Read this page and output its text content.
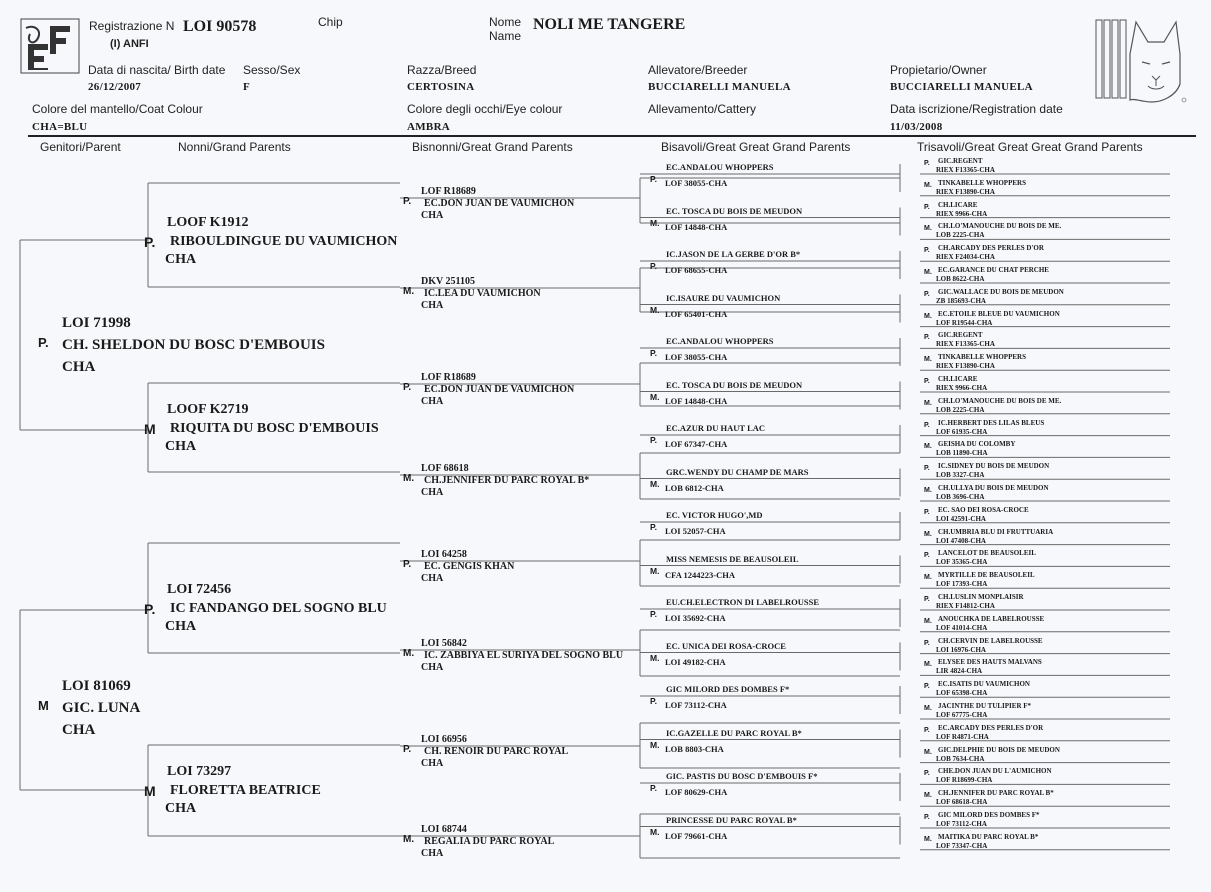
Registrazione N LOI 90578
(I) ANFI
Chip	Nome
Name
NOLI ME TANGERE
Data di nascita/ Birth date
26/12/2007
Sesso/Sex
F
Razza/Breed
CERTOSINA
Allevatore/Breeder
BUCCIARELLI MANUELA
Propietario/Owner
BUCCIARELLI MANUELA
Colore del mantello/Coat Colour
CHA=BLU
Colore degli occhi/Eye colour
AMBRA
Allevamento/Cattery	Data iscrizione/Registration date
11/03/2008
Genitori/Parent	Nonni/Grand Parents	Bisnonni/Great Grand Parents	Bisavoli/Great Great Grand Parents	Trisavoli/Great Great Great Grand Parents
P.
LOI 71998
CH. SHELDON DU BOSC D'EMBOUIS
CHA
M
LOI 81069
GIC. LUNA
CHA
P.
LOOF K1912
RIBOULDINGUE DU VAUMICHON
CHA
M
LOOF K2719
RIQUITA DU BOSC D'EMBOUIS
CHA
P.
LOI 72456
IC FANDANGO DEL SOGNO BLU
CHA
M
LOI 73297
FLORETTA BEATRICE
CHA
P.
LOF R18689
EC.DON JUAN DE VAUMICHON
CHA
M.
DKV 251105
IC.LEA DU VAUMICHON
CHA
P.
LOF R18689
EC.DON JUAN DE VAUMICHON
CHA
M.
LOF 68618
CH.JENNIFER DU PARC ROYAL B*
CHA
P.
LOI 64258
EC. GENGIS KHAN
CHA
M.
LOI 56842
IC. ZABBIYA EL SURIYA DEL SOGNO BLU
CHA
P.
LOI 66956
CH. RENOIR DU PARC ROYAL
CHA
M.
LOI 68744
REGALIA DU PARC ROYAL
CHA
P.
EC.ANDALOU WHOPPERS
LOF 38055-CHA
M.
EC. TOSCA DU BOIS DE MEUDON
LOF 14848-CHA
P.
IC.JASON DE LA GERBE D'OR B*
LOF 68655-CHA
M.
IC.ISAURE DU VAUMICHON
LOF 65401-CHA
P.
EC.ANDALOU WHOPPERS
LOF 38055-CHA
M.
EC. TOSCA DU BOIS DE MEUDON
LOF 14848-CHA
P.
EC.AZUR DU HAUT LAC
LOF 67347-CHA
M.
GRC.WENDY DU CHAMP DE MARS
LOB 6812-CHA
P.
EC. VICTOR HUGO',MD
LOI 52057-CHA
M.
MISS NEMESIS DE BEAUSOLEIL
CFA 1244223-CHA
P.
EU.CH.ELECTRON DI LABELROUSSE
LOI 35692-CHA
M.
EC. UNICA DEI ROSA-CROCE
LOI 49182-CHA
P.
GIC MILORD DES DOMBES F*
LOF 73112-CHA
M.
IC.GAZELLE DU PARC ROYAL B*
LOB 8803-CHA
P.
GIC. PASTIS DU BOSC D'EMBOUIS F*
LOF 80629-CHA
M.
PRINCESSE DU PARC ROYAL B*
LOF 79661-CHA
P. GIC.REGENT
RIEX F13365-CHA
M. TINKABELLE WHOPPERS
RIEX F13890-CHA
P. CH.LICARE
RIEX 9966-CHA
M. CH.LO'MANOUCHE DU BOIS DE ME.
LOB 2225-CHA
P. CH.ARCADY DES PERLES D'OR
RIEX F24034-CHA
M. EC.GARANCE DU CHAT PERCHE
LOB 8622-CHA
P. GIC.WALLACE DU BOIS DE MEUDON
ZB 185693-CHA
M. EC.ETOILE BLEUE DU VAUMICHON
LOF R19544-CHA
P. GIC.REGENT
RIEX F13365-CHA
M. TINKABELLE WHOPPERS
RIEX F13890-CHA
P. CH.LICARE
RIEX 9966-CHA
M. CH.LO'MANOUCHE DU BOIS DE ME.
LOB 2225-CHA
P. IC.HERBERT DES LILAS BLEUS
LOF 61935-CHA
M. GEISHA DU COLOMBY
LOB 11890-CHA
P. IC.SIDNEY DU BOIS DE MEUDON
LOB 3327-CHA
M. CH.ULLYA DU BOIS DE MEUDON
LOB 3696-CHA
P. EC. SAO DEI ROSA-CROCE
LOI 42591-CHA
M. CH.UMBRIA BLU DI FRUTTUARIA
LOI 47408-CHA
P. LANCELOT DE BEAUSOLEIL
LOF 35365-CHA
M. MYRTILLE DE BEAUSOLEIL
LOF 17393-CHA
P. CH.LUSLIN MONPLAISIR
RIEX F14812-CHA
M. ANOUCHKA DE LABELROUSSE
LOF 41014-CHA
P. CH.CERVIN DE LABELROUSSE
LOI 16976-CHA
M. ELYSEE DES HAUTS MALVANS
LIR 4824-CHA
P. EC.ISATIS DU VAUMICHON
LOF 65398-CHA
M. JACINTHE DU TULIPIER F*
LOF 67775-CHA
P. EC.ARCADY DES PERLES D'OR
LOF R4871-CHA
M. GIC.DELPHIE DU BOIS DE MEUDON
LOB 7634-CHA
P. CHE.DON JUAN DU L'AUMICHON
LOF R18699-CHA
M. CH.JENNIFER DU PARC ROYAL B*
LOF 68618-CHA
P. GIC MILORD DES DOMBES F*
LOF 73112-CHA
M. MAITIKA DU PARC ROYAL B*
LOF 73347-CHA
